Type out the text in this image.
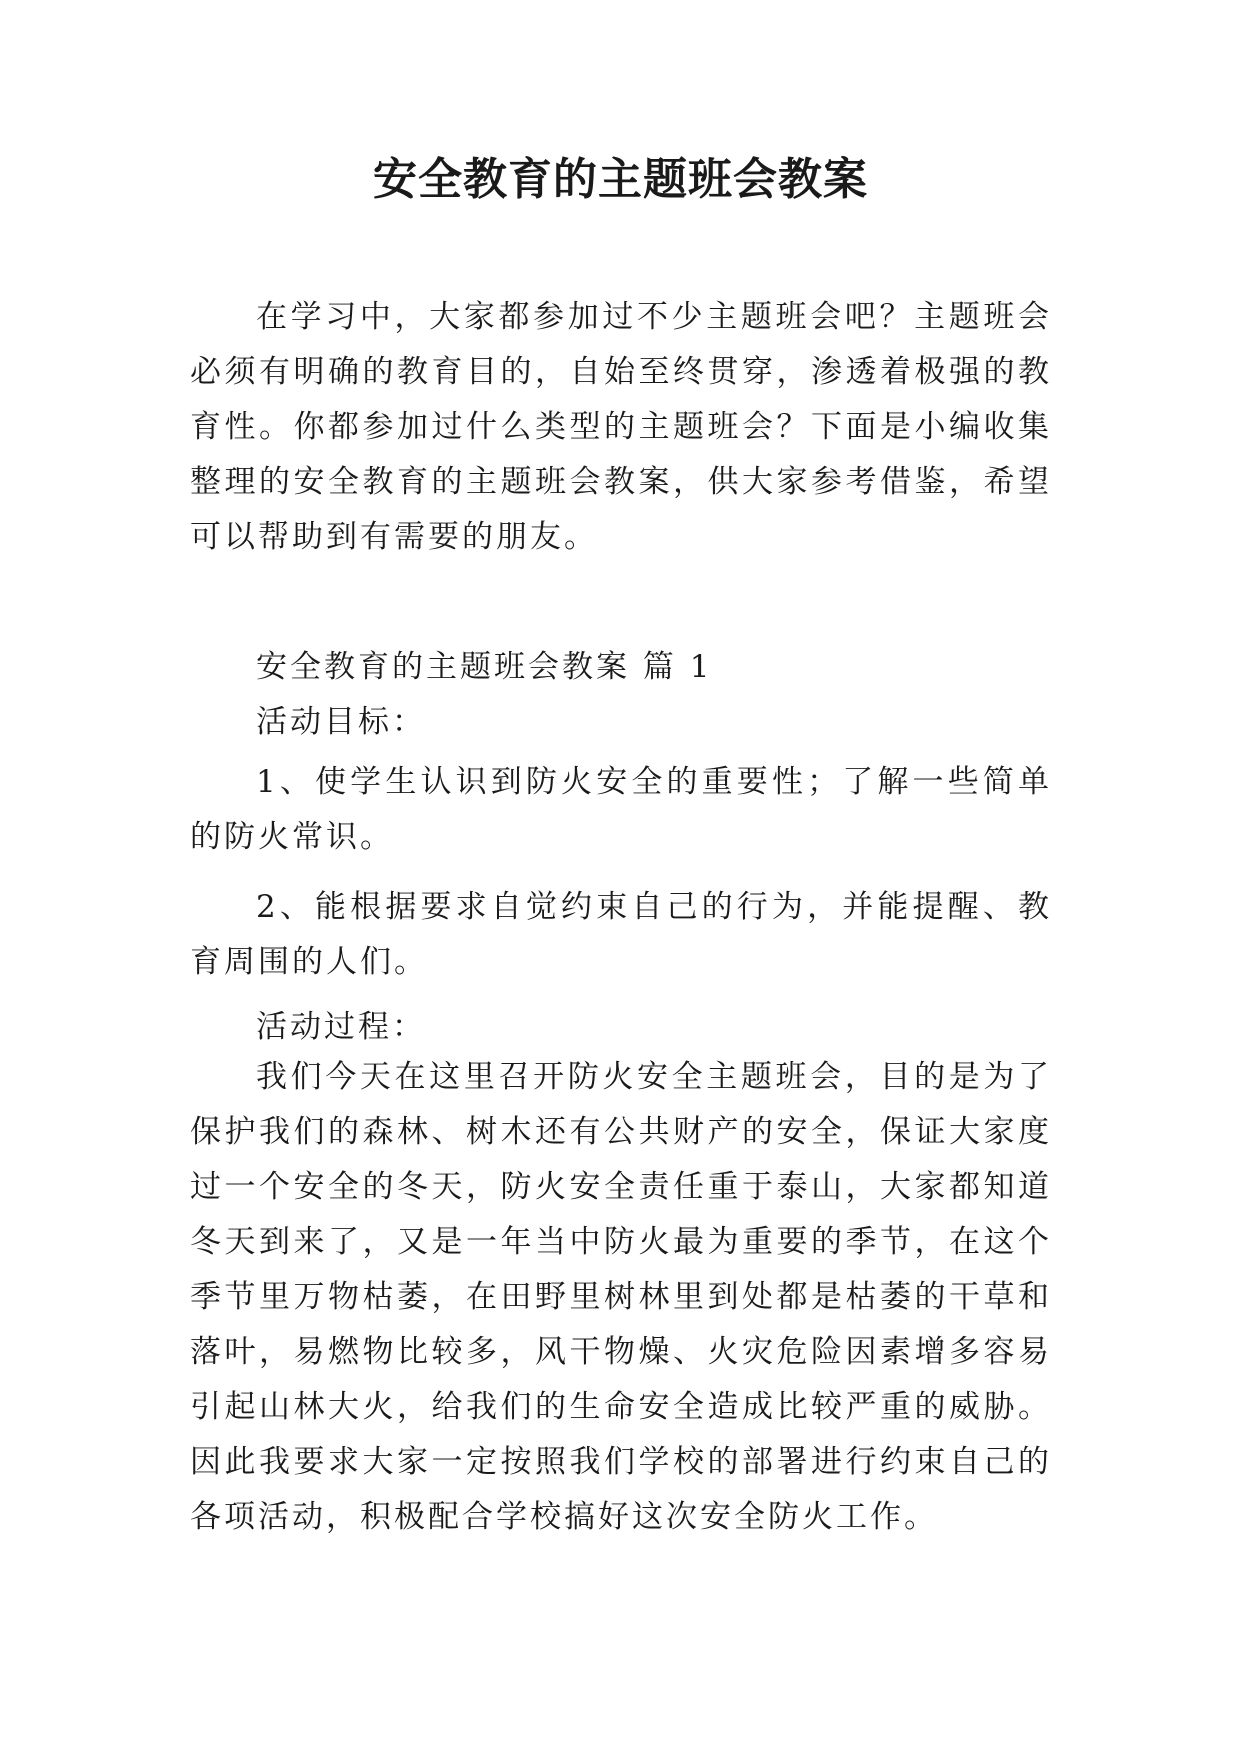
安全教育的主题班会教案

在学习中，大家都参加过不少主题班会吧？主题班会必须有明确的教育目的，自始至终贯穿，渗透着极强的教育性。你都参加过什么类型的主题班会？下面是小编收集整理的安全教育的主题班会教案，供大家参考借鉴，希望可以帮助到有需要的朋友。

安全教育的主题班会教案 篇 1

活动目标：

1、使学生认识到防火安全的重要性；了解一些简单的防火常识。

2、能根据要求自觉约束自己的行为，并能提醒、教育周围的人们。

活动过程：

我们今天在这里召开防火安全主题班会，目的是为了保护我们的森林、树木还有公共财产的安全，保证大家度过一个安全的冬天，防火安全责任重于泰山，大家都知道冬天到来了，又是一年当中防火最为重要的季节，在这个季节里万物枯萎，在田野里树林里到处都是枯萎的干草和落叶，易燃物比较多，风干物燥、火灾危险因素增多容易引起山林大火，给我们的生命安全造成比较严重的威胁。因此我要求大家一定按照我们学校的部署进行约束自己的各项活动，积极配合学校搞好这次安全防火工作。
